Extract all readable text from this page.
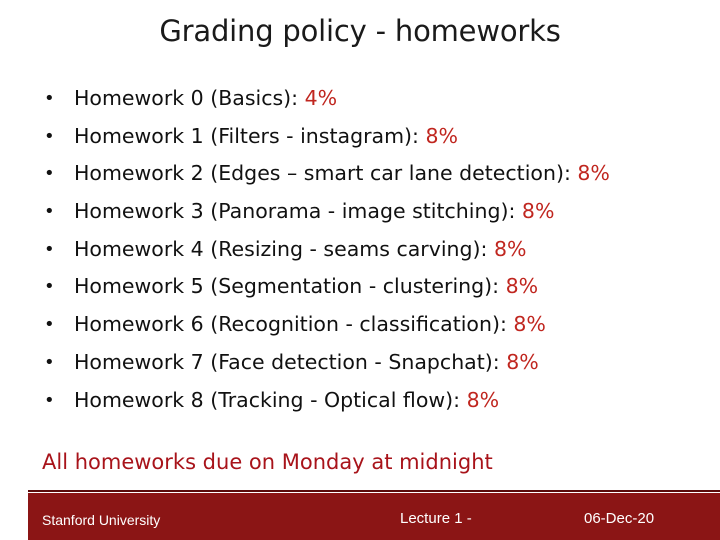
Grading policy - homeworks
• Homework 0 (Basics): 4%
• Homework 1 (Filters - instagram): 8%
• Homework 2 (Edges – smart car lane detection): 8%
• Homework 3 (Panorama - image stitching): 8%
• Homework 4 (Resizing - seams carving): 8%
• Homework 5 (Segmentation - clustering): 8%
• Homework 6 (Recognition - classification): 8%
• Homework 7 (Face detection - Snapchat): 8%
• Homework 8 (Tracking - Optical flow): 8%
All homeworks due on Monday at midnight
Stanford University	Lecture 1 -	06-Dec-20
